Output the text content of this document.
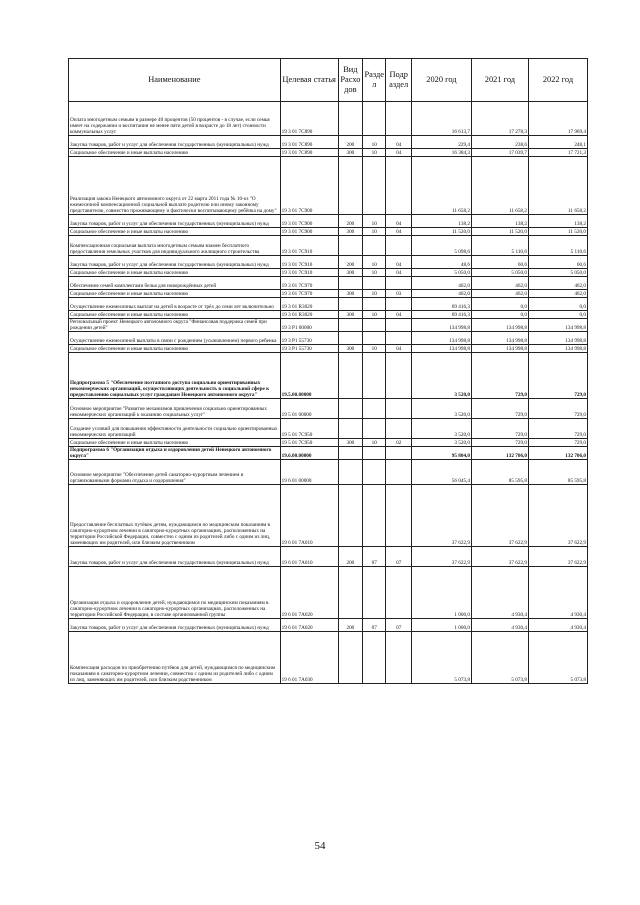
Наименование	Целевая статья	Вид Расхо дов	Разде л	Подр аздел	2020 год	2021 год	2022 год
Оплата многодетным семьям в размере 40 процентов (50 процентов - в случае, если семья имеет на содержании и воспитании не менее пяти детей в возрасте до 18 лет) стоимости коммунальных услуг	19 3 01 7С890				16 613,7	17 278,3	17 969,4
Закупка товаров, работ и услуг для обеспечения государственных (муниципальных) нужд	19 3 01 7С890	200	10	04	229,4	238,6	248,1
Социальное обеспечение и иные выплаты населению	19 3 01 7С890	300	10	04	16 384,3	17 039,7	17 721,3
Реализация закона Ненецкого автономного округа от 22 марта 2011 года № 10-оз "О ежемесячной компенсационной социальной выплате родителю или иному законному представителю, совместно проживающему и фактически воспитывающему ребёнка на дому"	19 3 01 7С900				11 658,2	11 658,2	11 658,2
Закупка товаров, работ и услуг для обеспечения государственных (муниципальных) нужд	19 3 01 7С900	200	10	04	138,2	138,2	138,2
Социальное обеспечение и иные выплаты населению	19 3 01 7С900	300	10	04	11 520,0	11 520,0	11 520,0
Компенсационная социальная выплата многодетным семьям взамен бесплатного предоставления земельных участков для индивидуального жилищного строительства	19 3 01 7С910				5 098,6	5 110,6	5 110,6
Закупка товаров, работ и услуг для обеспечения государственных (муниципальных) нужд	19 3 01 7С910	200	10	04	48,6	60,6	60,6
Социальное обеспечение и иные выплаты населению	19 3 01 7С910	300	10	04	5 050,0	5 050,0	5 050,0
Обеспечение семей комплектами белья для новорождённых детей	19 3 01 7С970				462,0	462,0	462,0
Социальное обеспечение и иные выплаты населению	19 3 01 7С970	300	10	03	462,0	462,0	462,0
Осуществление ежемесячных выплат на детей в возрасте от трёх до семи лет включительно	19 3 01 R3020				69 416,3	0,0	0,0
Социальное обеспечение и иные выплаты населению	19 3 01 R3020	300	10	04	69 416,3	0,0	0,0
Региональный проект Ненецкого автономного округа "Финансовая поддержка семей при рождении детей"	19 3 P1 00000				134 998,8	134 998,8	134 998,8
Осуществление ежемесячной выплаты в связи с рождением (усыновлением) первого ребенка	19 3 P1 55730				134 998,8	134 998,8	134 998,8
Социальное обеспечение и иные выплаты населению	19 3 P1 55730	300	10	04	134 998,8	134 998,8	134 998,8
Подпрограмма 5 "Обеспечение поэтапного доступа социально ориентированных некоммерческих организаций, осуществляющих деятельность в социальной сфере к предоставлению социальных услуг гражданам Ненецкого автономного округа"	19.5.00.00000				3 520,0	729,0	729,0
Основное мероприятие "Развитие механизмов привлечения социально ориентированных некоммерческих организаций к оказанию социальных услуг"	19 5 01 00000				3 520,0	729,0	729,0
Создание условий для повышения эффективности деятельности социально ориентированных некоммерческих организаций	19 5 01 7С950				3 520,0	729,0	729,0
Социальное обеспечение и иные выплаты населению	19 5 01 7С950	300	10	02	3 520,0	729,0	729,0
Подпрограмма 6 "Организация отдыха и оздоровления детей Ненецкого автономного округа"	19.6.00.00000				95 804,0	132 706,0	132 706,0
Основное мероприятие "Обеспечение детей санаторно-курортным лечением и организованными формами отдыха и оздоровления"	19 6 01 00000				56 045,4	85 595,8	85 595,8
Предоставление бесплатных путёвок детям, нуждающимся по медицинским показаниям в санаторно-курортном лечении в санаторно-курортных организациях, расположенных на территории Российской Федерации, совместно с одним из родителей либо с одним из лиц, заменяющих им родителей, или близким родственником	19 6 01 7А010				37 622,9	37 622,9	37 622,9
Закупка товаров, работ и услуг для обеспечения государственных (муниципальных) нужд	19 6 01 7А010	200	07	07	37 622,9	37 622,9	37 622,9
Организация отдыха и оздоровление детей, нуждающимся по медицинским показаниям в санаторно-курортном лечении в санаторно-курортных организациях, расположенных на территории Российской Федерации, в составе организованной группы	19 6 01 7А020				1 000,0	4 930,4	4 930,4
Закупка товаров, работ и услуг для обеспечения государственных (муниципальных) нужд	19 6 01 7А020	200	07	07	1 000,0	4 930,4	4 930,4
Компенсация расходов по приобретению путёвок для детей, нуждающимся по медицинским показаниям в санаторно-курортном лечении, совместно с одним из родителей либо с одним из лиц, заменяющих им родителей, или близким родственником	19 6 01 7А030				5 073,8	5 073,8	5 073,8
54
